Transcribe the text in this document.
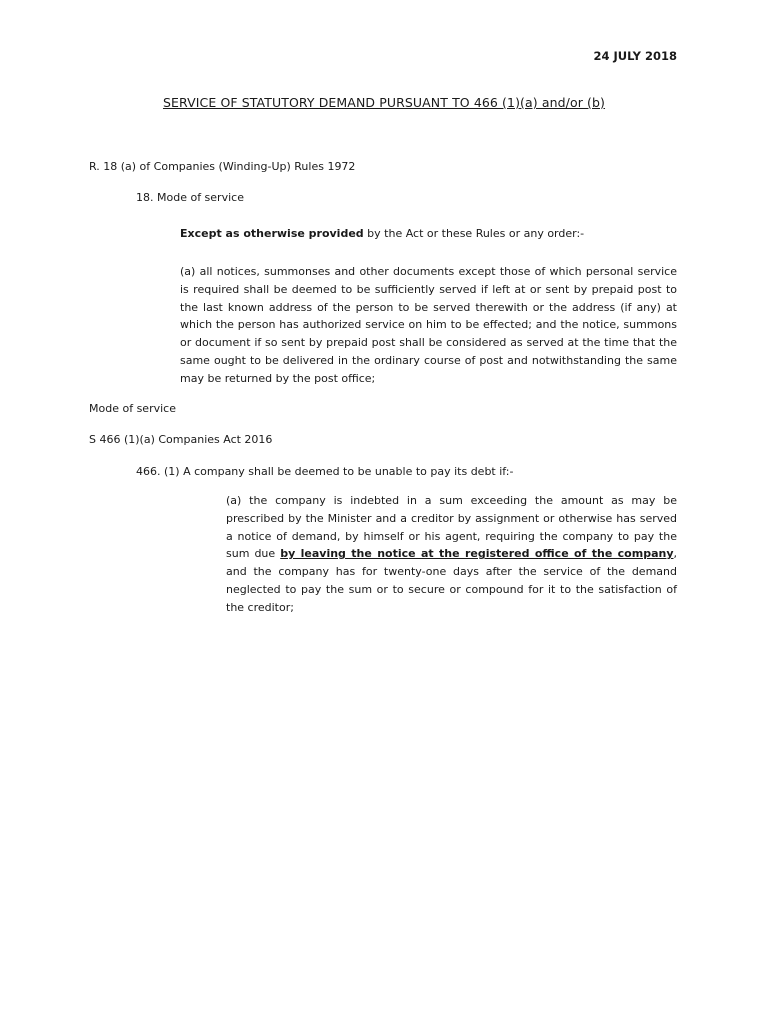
24 JULY 2018
SERVICE OF STATUTORY DEMAND PURSUANT TO 466 (1)(a) and/or (b)
R. 18 (a) of Companies (Winding-Up) Rules 1972
18. Mode of service
Except as otherwise provided by the Act or these Rules or any order:-
(a) all notices, summonses and other documents except those of which personal service is required shall be deemed to be sufficiently served if left at or sent by prepaid post to the last known address of the person to be served therewith or the address (if any) at which the person has authorized service on him to be effected; and the notice, summons or document if so sent by prepaid post shall be considered as served at the time that the same ought to be delivered in the ordinary course of post and notwithstanding the same may be returned by the post office;
Mode of service
S 466 (1)(a) Companies Act 2016
466. (1) A company shall be deemed to be unable to pay its debt if:-
(a) the company is indebted in a sum exceeding the amount as may be prescribed by the Minister and a creditor by assignment or otherwise has served a notice of demand, by himself or his agent, requiring the company to pay the sum due by leaving the notice at the registered office of the company, and the company has for twenty-one days after the service of the demand neglected to pay the sum or to secure or compound for it to the satisfaction of the creditor;
